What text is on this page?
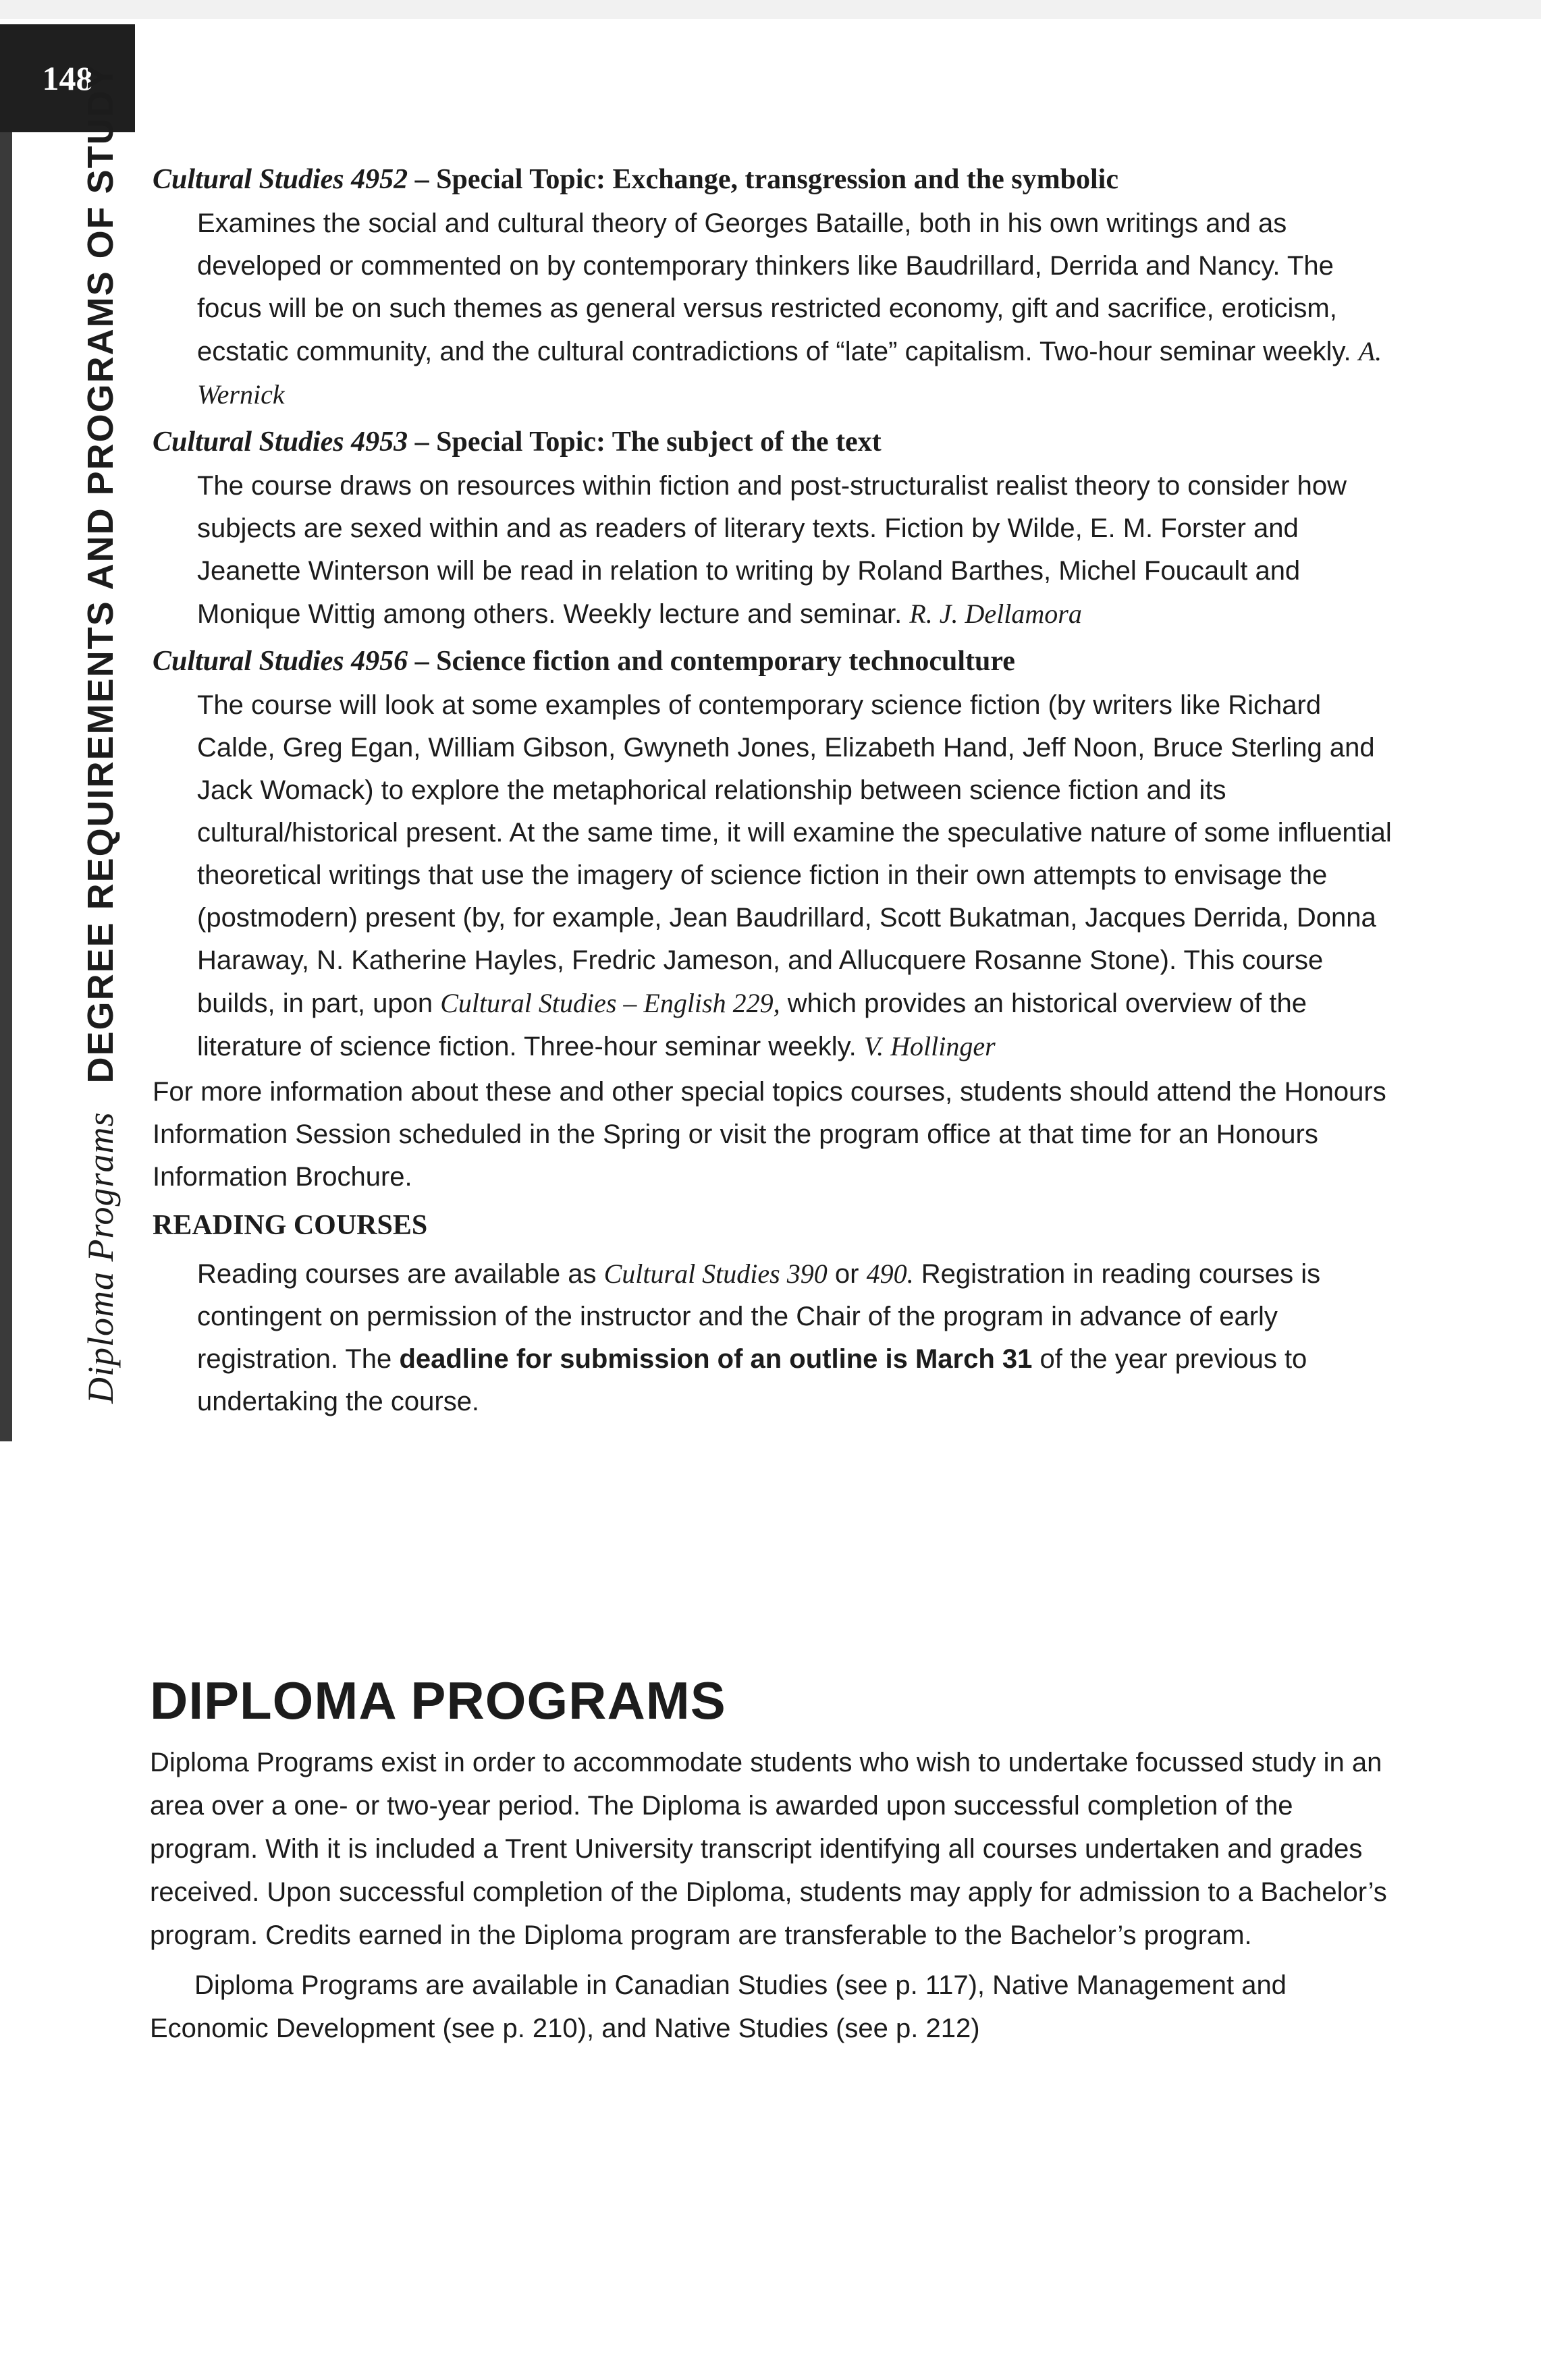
148
Diploma Programs DEGREE REQUIREMENTS AND PROGRAMS OF STUDY Cultural Studies 4952 – Special Topic: Exchange, transgression and the symbolic
Examines the social and cultural theory of Georges Bataille, both in his own writings and as developed or commented on by contemporary thinkers like Baudrillard, Derrida and Nancy. The focus will be on such themes as general versus restricted economy, gift and sacrifice, eroticism, ecstatic community, and the cultural contradictions of “late” capitalism. Two-hour seminar weekly. A. Wernick
Cultural Studies 4953 – Special Topic: The subject of the text
The course draws on resources within fiction and post-structuralist realist theory to consider how subjects are sexed within and as readers of literary texts. Fiction by Wilde, E. M. Forster and Jeanette Winterson will be read in relation to writing by Roland Barthes, Michel Foucault and Monique Wittig among others. Weekly lecture and seminar. R. J. Dellamora
Cultural Studies 4956 – Science fiction and contemporary technoculture
The course will look at some examples of contemporary science fiction (by writers like Richard Calde, Greg Egan, William Gibson, Gwyneth Jones, Elizabeth Hand, Jeff Noon, Bruce Sterling and Jack Womack) to explore the metaphorical relationship between science fiction and its cultural/historical present. At the same time, it will examine the speculative nature of some influential theoretical writings that use the imagery of science fiction in their own attempts to envisage the (postmodern) present (by, for example, Jean Baudrillard, Scott Bukatman, Jacques Derrida, Donna Haraway, N. Katherine Hayles, Fredric Jameson, and Allucquere Rosanne Stone). This course builds, in part, upon Cultural Studies – English 229, which provides an historical overview of the literature of science fiction. Three-hour seminar weekly. V. Hollinger
For more information about these and other special topics courses, students should attend the Honours Information Session scheduled in the Spring or visit the program office at that time for an Honours Information Brochure.
READING COURSES
Reading courses are available as Cultural Studies 390 or 490. Registration in reading courses is contingent on permission of the instructor and the Chair of the program in advance of early registration. The deadline for submission of an outline is March 31 of the year previous to undertaking the course.
DIPLOMA PROGRAMS
Diploma Programs exist in order to accommodate students who wish to undertake focussed study in an area over a one- or two-year period. The Diploma is awarded upon successful completion of the program. With it is included a Trent University transcript identifying all courses undertaken and grades received. Upon successful completion of the Diploma, students may apply for admission to a Bachelor’s program. Credits earned in the Diploma program are transferable to the Bachelor’s program.
Diploma Programs are available in Canadian Studies (see p. 117), Native Management and Economic Development (see p. 210), and Native Studies (see p. 212)
